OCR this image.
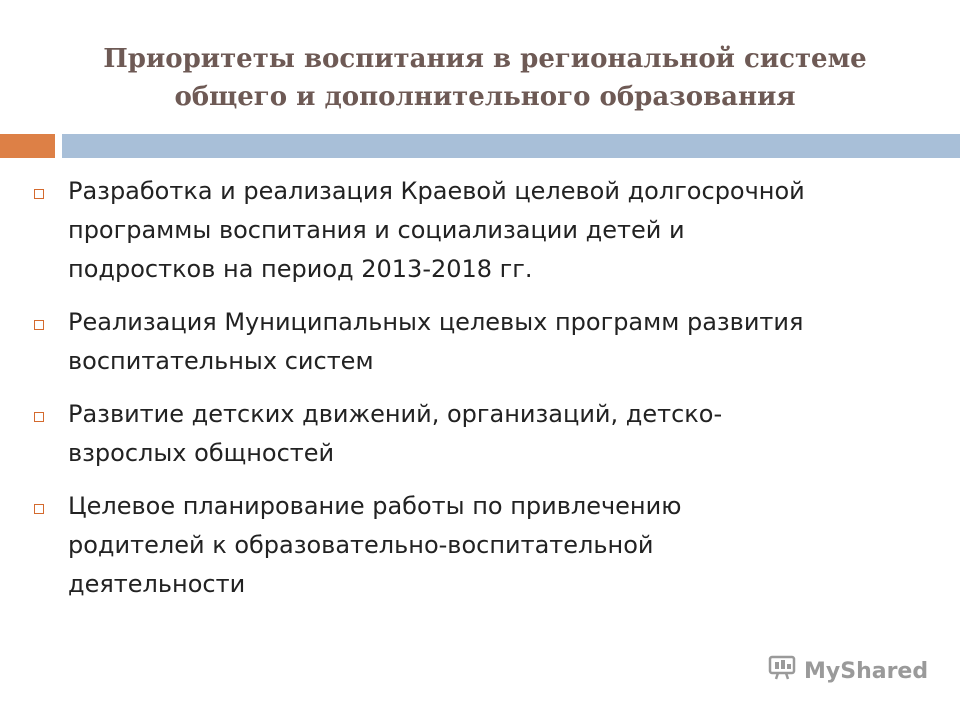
Приоритеты воспитания в региональной системе
общего и дополнительного образования
Разработка и реализация Краевой целевой долгосрочной
программы воспитания и социализации детей и
подростков на период 2013-2018 гг.
Реализация Муниципальных целевых программ развития
воспитательных систем
Развитие детских движений, организаций, детско-
взрослых общностей
Целевое планирование работы по привлечению
родителей к образовательно-воспитательной
деятельности
MyShared
